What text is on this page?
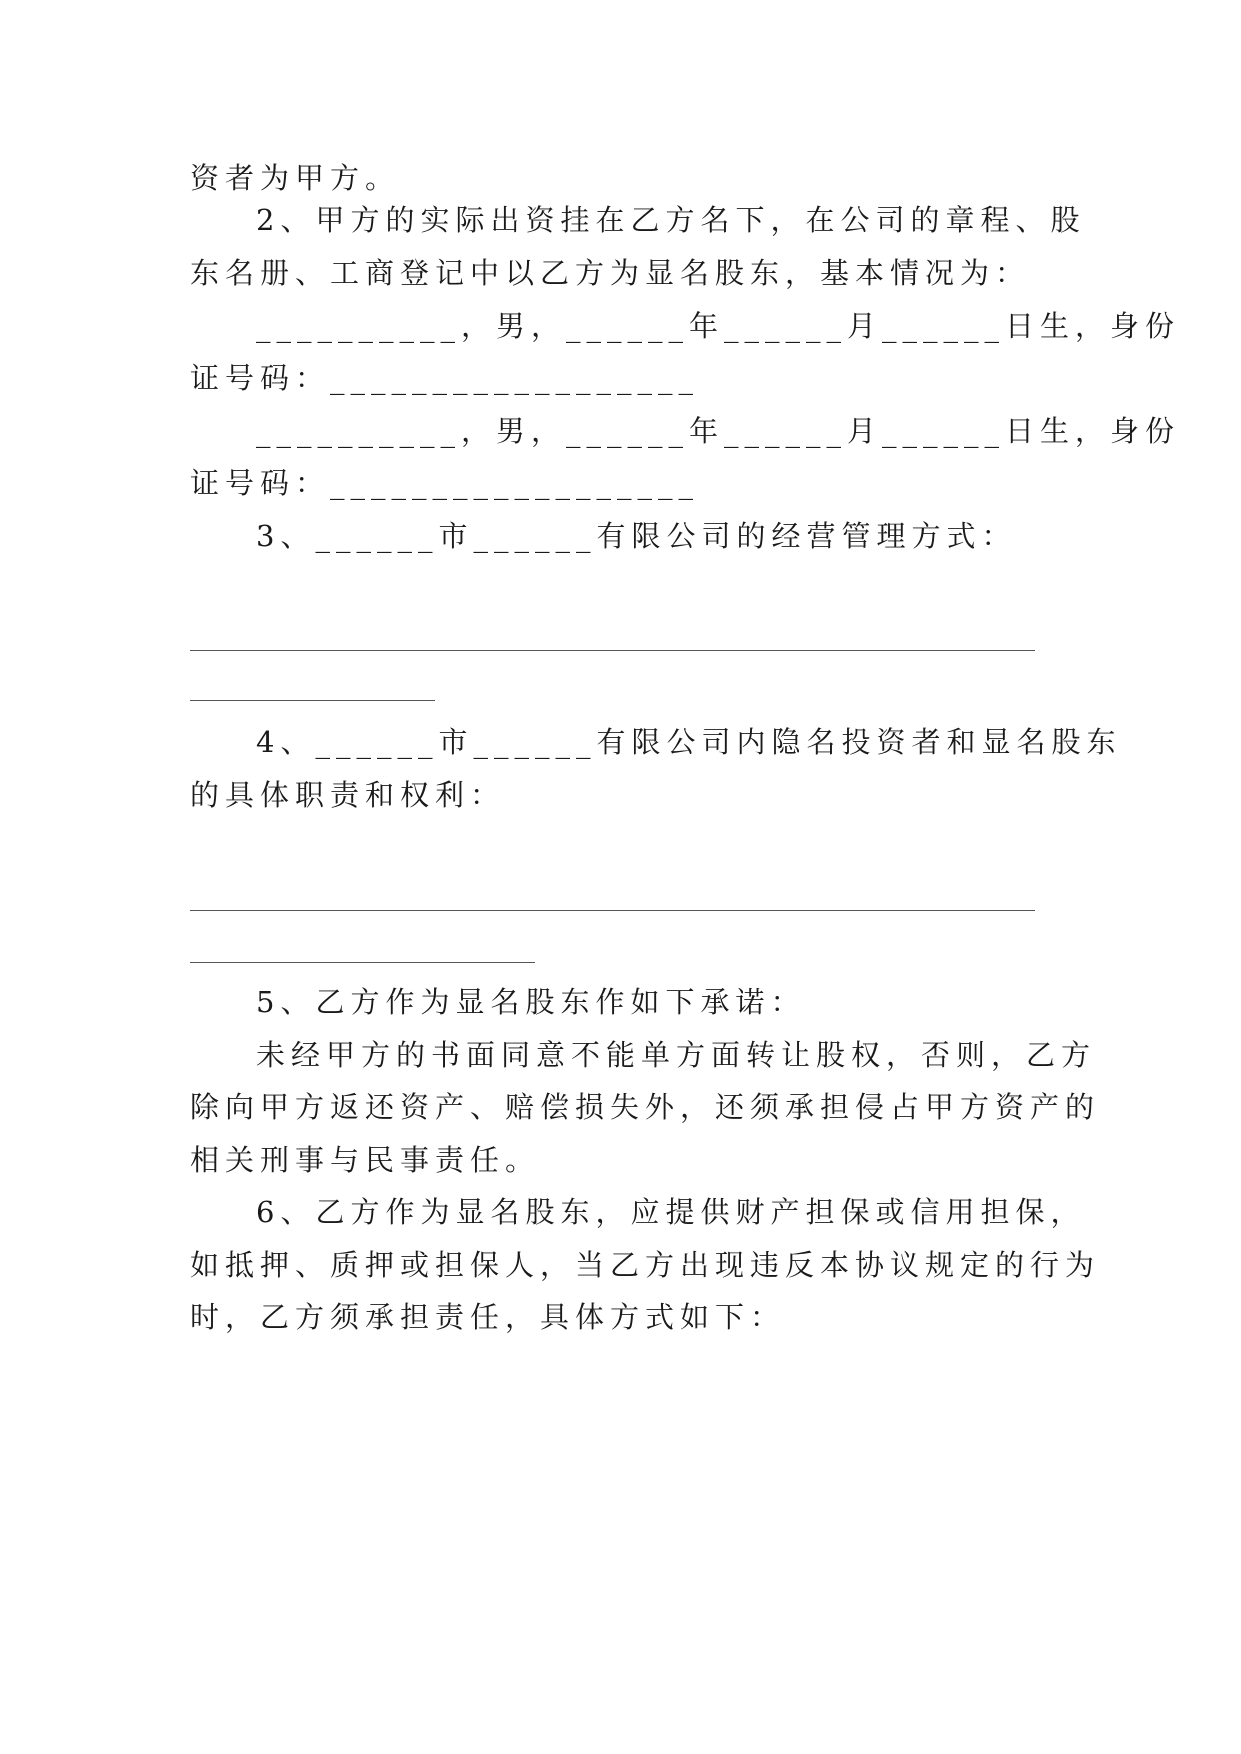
资者为甲方。
2、甲方的实际出资挂在乙方名下，在公司的章程、股
东名册、工商登记中以乙方为显名股东，基本情况为：
__________，男，______年______月______日生，身份
证号码：__________________
__________，男，______年______月______日生，身份
证号码：__________________
3、______市______有限公司的经营管理方式：
4、______市______有限公司内隐名投资者和显名股东
的具体职责和权利：
5、乙方作为显名股东作如下承诺：
未经甲方的书面同意不能单方面转让股权，否则，乙方
除向甲方返还资产、赔偿损失外，还须承担侵占甲方资产的
相关刑事与民事责任。
6、乙方作为显名股东，应提供财产担保或信用担保，
如抵押、质押或担保人，当乙方出现违反本协议规定的行为
时，乙方须承担责任，具体方式如下：
